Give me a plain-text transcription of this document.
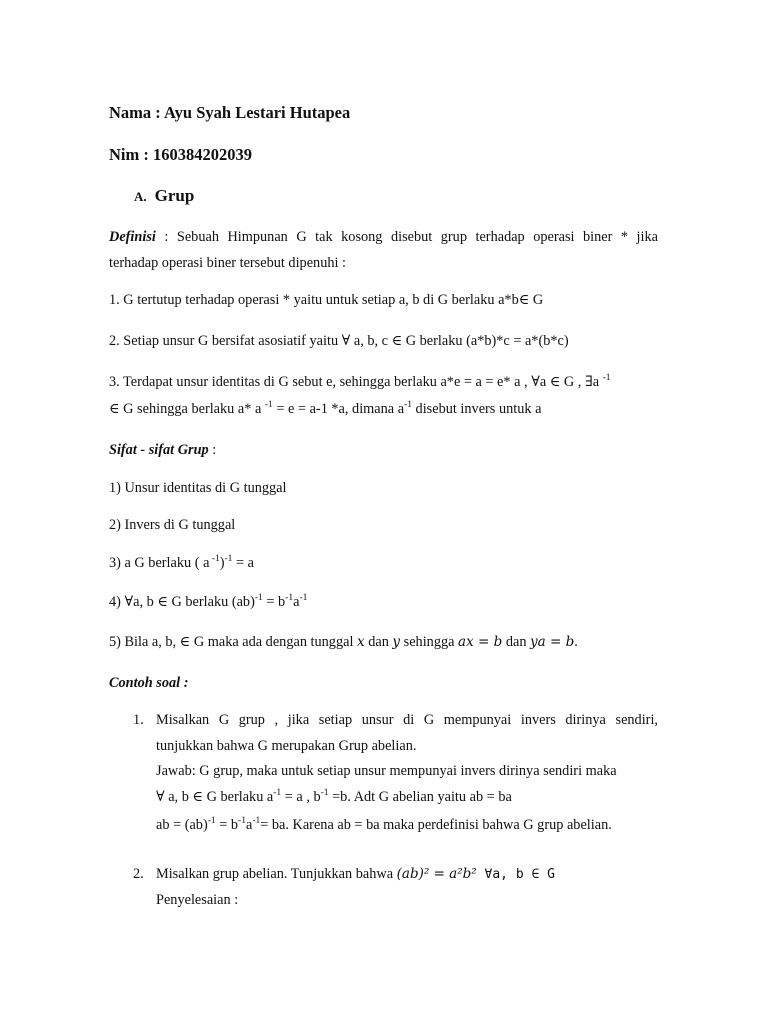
Nama : Ayu Syah Lestari Hutapea
Nim : 160384202039
A. Grup
Definisi : Sebuah Himpunan G tak kosong disebut grup terhadap operasi biner * jika
terhadap operasi biner tersebut dipenuhi :
1. G tertutup terhadap operasi * yaitu untuk setiap a, b di G berlaku a*b∈ G
2. Setiap unsur G bersifat asosiatif yaitu ∀ a, b, c ∈ G berlaku (a*b)*c = a*(b*c)
3. Terdapat unsur identitas di G sebut e, sehingga berlaku a*e = a = e* a , ∀a ∈ G , ∃a $^{-1}$
∈ G sehingga berlaku a* a $^{-1}$ = e = a-1 *a, dimana $a^{-1}$ disebut invers untuk a
Sifat - sifat Grup :
1) Unsur identitas di G tunggal
2) Invers di G tunggal
3) a G berlaku ( a $^{-1}$)$^{-1}$ = a
4) ∀a, b ∈ G berlaku $(ab)^{-1} = b^{-1}a^{-1}$
5) Bila a, b, ∈ G maka ada dengan tunggal x dan y sehingga ax = b dan ya = b.
Contoh soal :
1. Misalkan G grup , jika setiap unsur di G mempunyai invers dirinya sendiri,
tunjukkan bahwa G merupakan Grup abelian.
Jawab: G grup, maka untuk setiap unsur mempunyai invers dirinya sendiri maka
∀ a, b ∈ G berlaku $a^{-1} = a$ , $b^{-1} =b$. Adt G abelian yaitu ab = ba
ab = $(ab)^{-1} = b^{-1}a^{-1}=$ ba. Karena ab = ba maka perdefinisi bahwa G grup abelian.
2. Misalkan grup abelian. Tunjukkan bahwa (ab)² = a²b² ∀a, b ∈ G
Penyelesaian :
